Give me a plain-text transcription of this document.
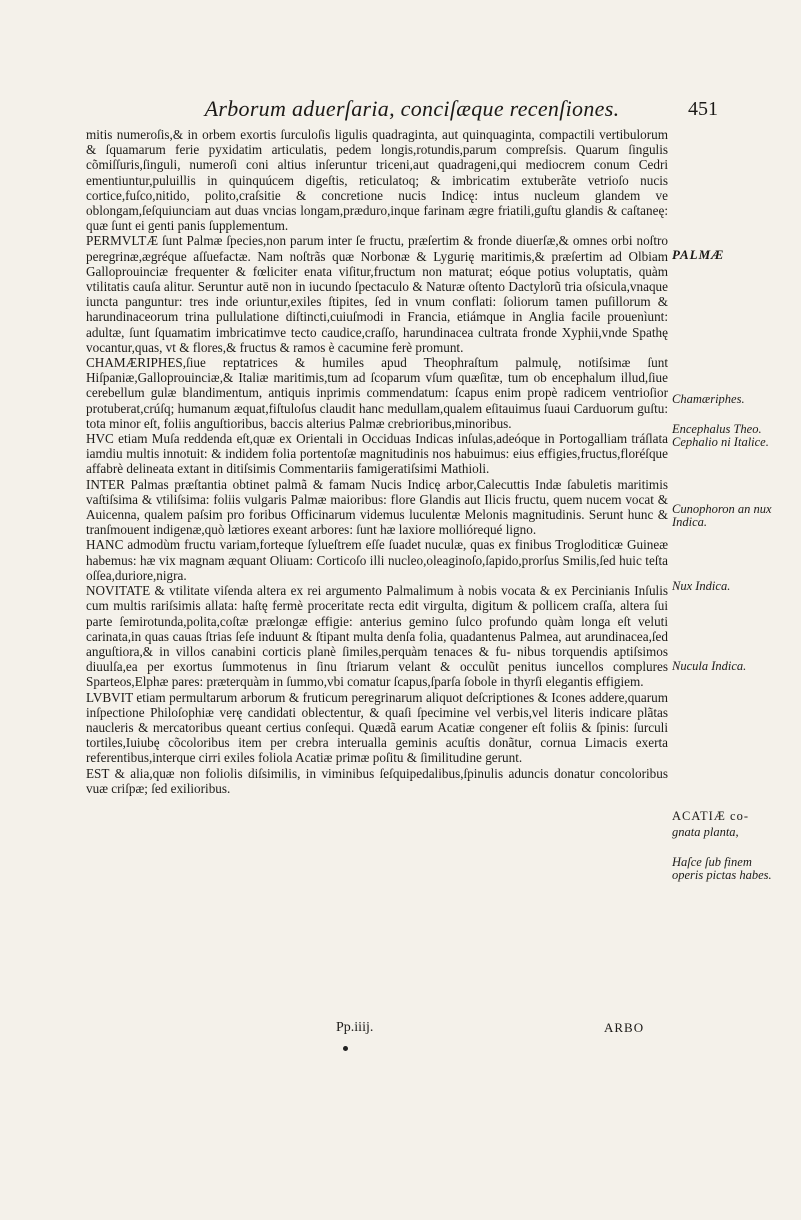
Arborum aduerſaria, conciſæque recenſiones.	451

mitis numeroſis,& in orbem exortis ſurculoſis ligulis quadraginta, aut quinquaginta, compactili vertibulorum & ſquamarum ferie pyxidatim articulatis, pedem longis,rotundis,parum compreſsis. Quarum ſingulis cõmiſſuris,ſinguli, numeroſi coni altius inſeruntur triceni,aut quadrageni,qui mediocrem conum Cedri ementiuntur,puluillis in quinquúcem digeſtis, reticulatoq; & imbricatim extuberãte vetrioſo nucis cortice,fuſco,nitido, polito,craſsitie & concretione nucis Indicę: intus nucleum glandem ve oblongam,ſeſquiunciam aut duas vncias longam,præduro,inque farinam ægre friatili,guſtu glandis & caſtaneę: quæ ſunt ei genti panis ſupplementum.

PERMVLTÆ ſunt Palmæ ſpecies,non parum inter ſe fructu, præſertim & fronde diuerſæ,& omnes orbi noſtro peregrinæ,ægréque aſſuefactæ. Nam noſtrãs quæ Norbonæ & Lygurię maritimis,& præſertim ad Olbiam Galloprouinciæ frequenter & fœliciter enata viſitur,fructum non maturat; eóque potius voluptatis, quàm vtilitatis cauſa alitur. Seruntur autē non in iucundo ſpectaculo & Naturæ oſtento Dactylorũ tria oſsicula,vnaque iunctа panguntur: tres inde oriuntur,exiles ſtipites, ſed in vnum conflati: ſoliorum tamen puſillorum & harundinaceorum trina pullulatione diſtincti,cuiuſmodi in Francia, etiámque in Anglia facile prouenìunt: adultæ, ſunt ſquamatim imbricatimve tecto caudice,craſſo, harundinacea cultrata fronde Xyphii,vnde Spathę vocantur,quas, vt & flores,& fructus & ramos è cacumine ferè promunt.

CHAMÆRIPHES,ſiue reptatrices & humiles apud Theophraſtum palmulę, notiſsimæ ſunt Hiſpaniæ,Galloprouinciæ,& Italiæ maritimis,tum ad ſcoparum vſum quæſitæ, tum ob encephalum illud,ſiue cerebellum gulæ blandimentum, antiquis inprimis commendatum: ſcapus enim propè radicem ventrioſior protuberat,crúſq; humanum æquat,fiſtuloſus claudit hanc medullam,qualem eſitauimus ſuaui Carduorum guſtu: tota minor eſt, foliis anguſtioribus, baccis alterius Palmæ crebrioribus,minoribus.

HVC etiam Muſa reddenda eſt,quæ ex Orientali in Occiduas Indicas inſulas,adeóque in Portogalliam tráſlata iamdiu multis innotuit: & indidem folia portentoſæ magnitudinis nos habuimus: eius effigies,fructus,floréſque affabrè delineata extant in ditiſsimis Commentariis famigeratiſsimi Mathioli.

INTER Palmas præſtantia obtinet palmã & famam Nucis Indicę arbor,Calecuttis Indæ ſabuletis maritimis vaſtiſsima & vtiliſsima: foliis vulgaris Palmæ maioribus: flore Glandis aut Ilicis fructu, quem nucem vocat & Auicenna, qualem paſsim pro foribus Officinarum videmus luculentæ Melonis magnitudinis. Serunt hunc & tranſmouent indigenæ,quò lætiores exeant arbores: ſunt hæ laxiore molliórequé ligno.

HANC admodùm fructu variam,forteque ſylueſtrem eſſe ſuadet nuculæ, quas ex finibus Trogloditicæ Guineæ habemus: hæ vix magnam æquant Oliuam: Corticoſo illi nucleo,oleaginoſo,ſapido,prorſus Smilis,ſed huic teſta oſſea,duriore,nigra.

NOVITATE & vtilitate viſenda altera ex rei argumento Palmalimum à nobis vocata & ex Percinianis Inſulis cum multis rariſsimis allata: haſtę fermè proceritate recta edit virgulta, digitum & pollicem craſſa, altera ſui parte ſemirotunda,polita,coſtæ prælongæ effigie: anterius gemino ſulco profundo quàm longa eſt veluti carinata,in quas cauas ſtrias ſeſe induunt & ſtipant multa denſa folia, quadantenus Palmea, aut arundinacea,ſed anguſtiora,& in villos canabini corticis planè ſimiles,perquàm tenaces & fu- nibus torquendis aptiſsimos diuulſa,ea per exortus ſummotenus in ſinu ſtriarum velant & occulũt penitus iuncellos complures Sparteos,Elphæ pares: præterquàm in ſummo,vbi comatur ſcapus,ſparſa ſobole in thyrſi elegantis effigiem.

LVBVIT etiam permultarum arborum & fruticum peregrinarum aliquot deſcriptiones & Icones addere,quarum inſpectione Philoſophiæ verę candidati oblectentur, & quaſi ſpecimine vel verbis,vel literis indicare plãtas naucleris & mercatoribus queant certius conſequi. Quædã earum Acatiæ congener eſt foliis & ſpinis: ſurculi tortiles,Iuiubę cõcoloribus item per crebra interualla geminis acuſtis donãtur, cornua Limacis exerta referentibus,interque cirri exiles foliola Acatiæ primæ poſitu & ſimilitudine gerunt.

EST & alia,quæ non foliolis diſsimilis, in viminibus ſeſquipedalibus,ſpinulis aduncis donatur concoloribus vuæ criſpæ; ſed exilioribus.

PALMÆ
Chamæriphes.
Encephalus Theo. Cephalio ni Italice.
Cunophoron an nux Indica.
Nux Indica.
Nucula Indica.
ACATIÆ co-
gnata planta,
Haſce ſub finem operis pictas habes.
Pp.iiij.	ARBO
